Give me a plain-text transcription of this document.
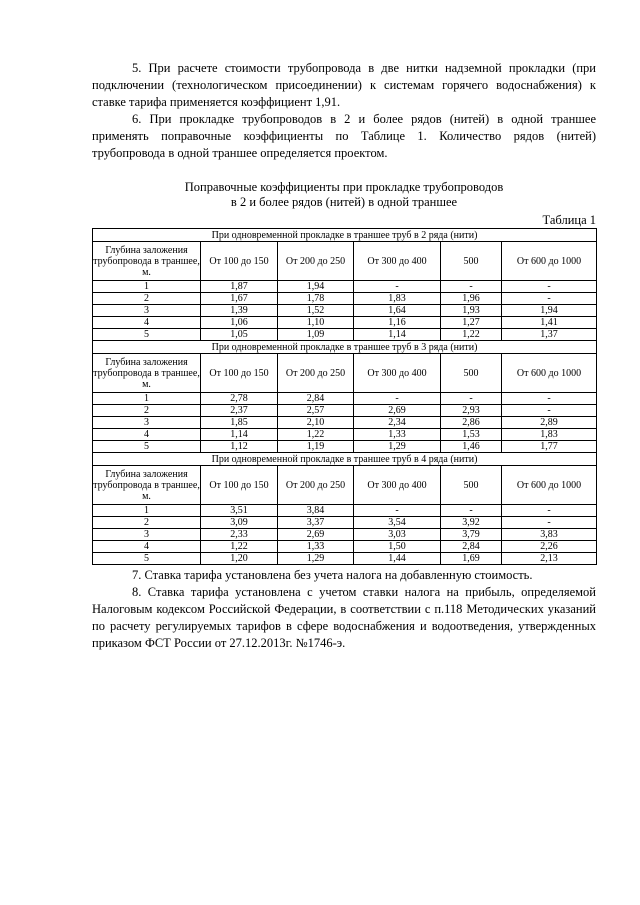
5. При расчете стоимости трубопровода в две нитки надземной прокладки (при подключении (технологическом присоединении) к системам горячего водоснабжения) к ставке тарифа применяется коэффициент 1,91.

6. При прокладке трубопроводов в 2 и более рядов (нитей) в одной траншее применять поправочные коэффициенты по Таблице 1. Количество рядов (нитей) трубопровода в одной траншее определяется проектом.

Поправочные коэффициенты при прокладке трубопроводов
в 2 и более рядов (нитей) в одной траншее
Таблица 1
При одновременной прокладке в траншее труб в 2 ряда (нити)					
Глубина заложения трубопровода в траншее, м.	От 100 до 150	От 200 до 250	От 300 до 400	500	От 600 до 1000
1	1,87	1,94	-	-	-
2	1,67	1,78	1,83	1,96	-
3	1,39	1,52	1,64	1,93	1,94
4	1,06	1,10	1,16	1,27	1,41
5	1,05	1,09	1,14	1,22	1,37
При одновременной прокладке в траншее труб в 3 ряда (нити)					
Глубина заложения трубопровода в траншее, м.	От 100 до 150	От 200 до 250	От 300 до 400	500	От 600 до 1000
1	2,78	2,84	-	-	-
2	2,37	2,57	2,69	2,93	-
3	1,85	2,10	2,34	2,86	2,89
4	1,14	1,22	1,33	1,53	1,83
5	1,12	1,19	1,29	1,46	1,77
При одновременной прокладке в траншее труб в 4 ряда (нити)					
Глубина заложения трубопровода в траншее, м.	От 100 до 150	От 200 до 250	От 300 до 400	500	От 600 до 1000
1	3,51	3,84	-	-	-
2	3,09	3,37	3,54	3,92	-
3	2,33	2,69	3,03	3,79	3,83
4	1,22	1,33	1,50	2,84	2,26
5	1,20	1,29	1,44	1,69	2,13

7. Ставка тарифа установлена без учета налога на добавленную стоимость.

8. Ставка тарифа установлена с учетом ставки налога на прибыль, определяемой Налоговым кодексом Российской Федерации, в соответствии с п.118 Методических указаний по расчету регулируемых тарифов в сфере водоснабжения и водоотведения, утвержденных приказом ФСТ России от 27.12.2013г. №1746-э.
